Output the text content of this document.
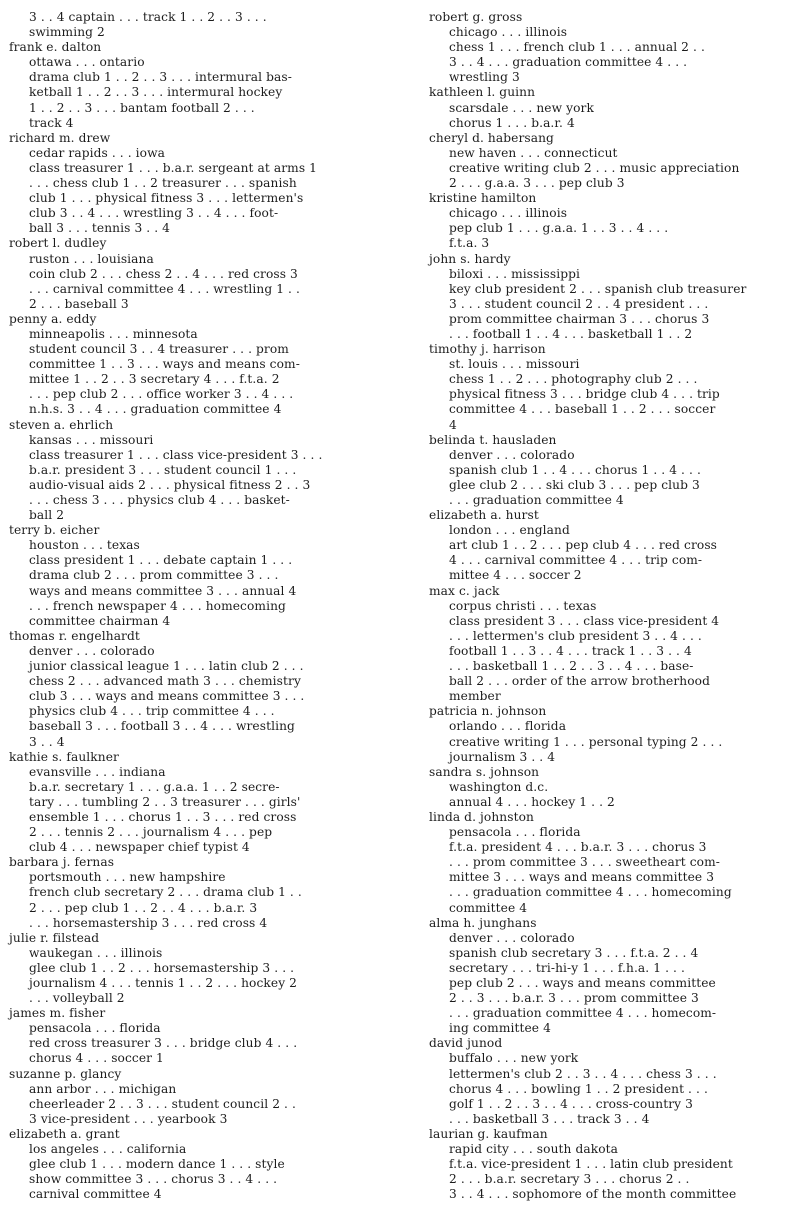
3 . . 4 captain . . . track 1 . . 2 . . 3 . . .
swimming 2
frank e. dalton
ottawa . . . ontario
drama club 1 . . 2 . . 3 . . . intermural bas-
ketball 1 . . 2 . . 3 . . . intermural hockey
1 . . 2 . . 3 . . . bantam football 2 . . .
track 4
richard m. drew
cedar rapids . . . iowa
class treasurer 1 . . . b.a.r. sergeant at arms 1
. . . chess club 1 . . 2 treasurer . . . spanish
club 1 . . . physical fitness 3 . . . lettermen's
club 3 . . 4 . . . wrestling 3 . . 4 . . . foot-
ball 3 . . . tennis 3 . . 4
robert l. dudley
ruston . . . louisiana
coin club 2 . . . chess 2 . . 4 . . . red cross 3
. . . carnival committee 4 . . . wrestling 1 . .
2 . . . baseball 3
penny a. eddy
minneapolis . . . minnesota
student council 3 . . 4 treasurer . . . prom
committee 1 . . 3 . . . ways and means com-
mittee 1 . . 2 . . 3 secretary 4 . . . f.t.a. 2
. . . pep club 2 . . . office worker 3 . . 4 . . .
n.h.s. 3 . . 4 . . . graduation committee 4
steven a. ehrlich
kansas . . . missouri
class treasurer 1 . . . class vice-president 3 . . .
b.a.r. president 3 . . . student council 1 . . .
audio-visual aids 2 . . . physical fitness 2 . . 3
. . . chess 3 . . . physics club 4 . . . basket-
ball 2
terry b. eicher
houston . . . texas
class president 1 . . . debate captain 1 . . .
drama club 2 . . . prom committee 3 . . .
ways and means committee 3 . . . annual 4
. . . french newspaper 4 . . . homecoming
committee chairman 4
thomas r. engelhardt
denver . . . colorado
junior classical league 1 . . . latin club 2 . . .
chess 2 . . . advanced math 3 . . . chemistry
club 3 . . . ways and means committee 3 . . .
physics club 4 . . . trip committee 4 . . .
baseball 3 . . . football 3 . . 4 . . . wrestling
3 . . 4
kathie s. faulkner
evansville . . . indiana
b.a.r. secretary 1 . . . g.a.a. 1 . . 2 secre-
tary . . . tumbling 2 . . 3 treasurer . . . girls'
ensemble 1 . . . chorus 1 . . 3 . . . red cross
2 . . . tennis 2 . . . journalism 4 . . . pep
club 4 . . . newspaper chief typist 4
barbara j. fernas
portsmouth . . . new hampshire
french club secretary 2 . . . drama club 1 . .
2 . . . pep club 1 . . 2 . . 4 . . . b.a.r. 3
. . . horsemastership 3 . . . red cross 4
julie r. filstead
waukegan . . . illinois
glee club 1 . . 2 . . . horsemastership 3 . . .
journalism 4 . . . tennis 1 . . 2 . . . hockey 2
. . . volleyball 2
james m. fisher
pensacola . . . florida
red cross treasurer 3 . . . bridge club 4 . . .
chorus 4 . . . soccer 1
suzanne p. glancy
ann arbor . . . michigan
cheerleader 2 . . 3 . . . student council 2 . .
3 vice-president . . . yearbook 3
elizabeth a. grant
los angeles . . . california
glee club 1 . . . modern dance 1 . . . style
show committee 3 . . . chorus 3 . . 4 . . .
carnival committee 4
robert g. gross
chicago . . . illinois
chess 1 . . . french club 1 . . . annual 2 . .
3 . . 4 . . . graduation committee 4 . . .
wrestling 3
kathleen l. guinn
scarsdale . . . new york
chorus 1 . . . b.a.r. 4
cheryl d. habersang
new haven . . . connecticut
creative writing club 2 . . . music appreciation
2 . . . g.a.a. 3 . . . pep club 3
kristine hamilton
chicago . . . illinois
pep club 1 . . . g.a.a. 1 . . 3 . . 4 . . .
f.t.a. 3
john s. hardy
biloxi . . . mississippi
key club president 2 . . . spanish club treasurer
3 . . . student council 2 . . 4 president . . .
prom committee chairman 3 . . . chorus 3
. . . football 1 . . 4 . . . basketball 1 . . 2
timothy j. harrison
st. louis . . . missouri
chess 1 . . 2 . . . photography club 2 . . .
physical fitness 3 . . . bridge club 4 . . . trip
committee 4 . . . baseball 1 . . 2 . . . soccer
4
belinda t. hausladen
denver . . . colorado
spanish club 1 . . 4 . . . chorus 1 . . 4 . . .
glee club 2 . . . ski club 3 . . . pep club 3
. . . graduation committee 4
elizabeth a. hurst
london . . . england
art club 1 . . 2 . . . pep club 4 . . . red cross
4 . . . carnival committee 4 . . . trip com-
mittee 4 . . . soccer 2
max c. jack
corpus christi . . . texas
class president 3 . . . class vice-president 4
. . . lettermen's club president 3 . . 4 . . .
football 1 . . 3 . . 4 . . . track 1 . . 3 . . 4
. . . basketball 1 . . 2 . . 3 . . 4 . . . base-
ball 2 . . . order of the arrow brotherhood
member
patricia n. johnson
orlando . . . florida
creative writing 1 . . . personal typing 2 . . .
journalism 3 . . 4
sandra s. johnson
washington d.c.
annual 4 . . . hockey 1 . . 2
linda d. johnston
pensacola . . . florida
f.t.a. president 4 . . . b.a.r. 3 . . . chorus 3
. . . prom committee 3 . . . sweetheart com-
mittee 3 . . . ways and means committee 3
. . . graduation committee 4 . . . homecoming
committee 4
alma h. junghans
denver . . . colorado
spanish club secretary 3 . . . f.t.a. 2 . . 4
secretary . . . tri-hi-y 1 . . . f.h.a. 1 . . .
pep club 2 . . . ways and means committee
2 . . 3 . . . b.a.r. 3 . . . prom committee 3
. . . graduation committee 4 . . . homecom-
ing committee 4
david junod
buffalo . . . new york
lettermen's club 2 . . 3 . . 4 . . . chess 3 . . .
chorus 4 . . . bowling 1 . . 2 president . . .
golf 1 . . 2 . . 3 . . 4 . . . cross-country 3
. . . basketball 3 . . . track 3 . . 4
laurian g. kaufman
rapid city . . . south dakota
f.t.a. vice-president 1 . . . latin club president
2 . . . b.a.r. secretary 3 . . . chorus 2 . .
3 . . 4 . . . sophomore of the month committee
